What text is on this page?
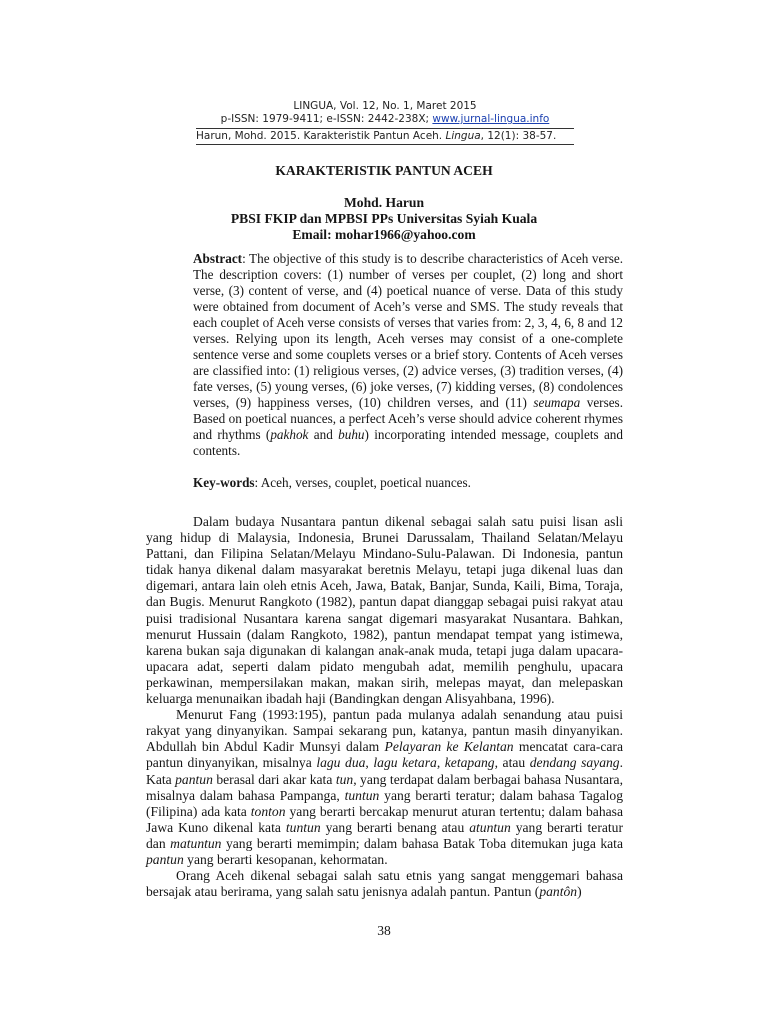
LINGUA, Vol. 12, No. 1, Maret 2015
p-ISSN: 1979-9411; e-ISSN: 2442-238X; www.jurnal-lingua.info
Harun, Mohd. 2015. Karakteristik Pantun Aceh. Lingua, 12(1): 38-57.
KARAKTERISTIK PANTUN ACEH
Mohd. Harun
PBSI FKIP dan MPBSI PPs Universitas Syiah Kuala
Email: mohar1966@yahoo.com
Abstract: The objective of this study is to describe characteristics of Aceh verse. The description covers: (1) number of verses per couplet, (2) long and short verse, (3) content of verse, and (4) poetical nuance of verse. Data of this study were obtained from document of Aceh’s verse and SMS. The study reveals that each couplet of Aceh verse consists of verses that varies from: 2, 3, 4, 6, 8 and 12 verses. Relying upon its length, Aceh verses may consist of a one-complete sentence verse and some couplets verses or a brief story. Contents of Aceh verses are classified into: (1) religious verses, (2) advice verses, (3) tradition verses, (4) fate verses, (5) young verses, (6) joke verses, (7) kidding verses, (8) condolences verses, (9) happiness verses, (10) children verses, and (11) seumapa verses. Based on poetical nuances, a perfect Aceh’s verse should advice coherent rhymes and rhythms (pakhok and buhu) incorporating intended message, couplets and contents.
Key-words: Aceh, verses, couplet, poetical nuances.

Dalam budaya Nusantara pantun dikenal sebagai salah satu puisi lisan asli yang hidup di Malaysia, Indonesia, Brunei Darussalam, Thailand Selatan/Melayu Pattani, dan Filipina Selatan/Melayu Mindano-Sulu-Palawan. Di Indonesia, pantun tidak hanya dikenal dalam masyarakat beretnis Melayu, tetapi juga dikenal luas dan digemari, antara lain oleh etnis Aceh, Jawa, Batak, Banjar, Sunda, Kaili, Bima, Toraja, dan Bugis. Menurut Rangkoto (1982), pantun dapat dianggap sebagai puisi rakyat atau puisi tradisional Nusantara karena sangat digemari masyarakat Nusantara. Bahkan, menurut Hussain (dalam Rangkoto, 1982), pantun mendapat tempat yang istimewa, karena bukan saja digunakan di kalangan anak-anak muda, tetapi juga dalam upacara-upacara adat, seperti dalam pidato mengubah adat, memilih penghulu, upacara perkawinan, mempersilakan makan, makan sirih, melepas mayat, dan melepaskan keluarga menunaikan ibadah haji (Bandingkan dengan Alisyahbana, 1996).

Menurut Fang (1993:195), pantun pada mulanya adalah senandung atau puisi rakyat yang dinyanyikan. Sampai sekarang pun, katanya, pantun masih dinyanyikan. Abdullah bin Abdul Kadir Munsyi dalam Pelayaran ke Kelantan mencatat cara-cara pantun dinyanyikan, misalnya lagu dua, lagu ketara, ketapang, atau dendang sayang. Kata pantun berasal dari akar kata tun, yang terdapat dalam berbagai bahasa Nusantara, misalnya dalam bahasa Pampanga, tuntun yang berarti teratur; dalam bahasa Tagalog (Filipina) ada kata tonton yang berarti bercakap menurut aturan tertentu; dalam bahasa Jawa Kuno dikenal kata tuntun yang berarti benang atau atuntun yang berarti teratur dan matuntun yang berarti memimpin; dalam bahasa Batak Toba ditemukan juga kata pantun yang berarti kesopanan, kehormatan.

Orang Aceh dikenal sebagai salah satu etnis yang sangat menggemari bahasa bersajak atau berirama, yang salah satu jenisnya adalah pantun. Pantun (pantôn)

38
